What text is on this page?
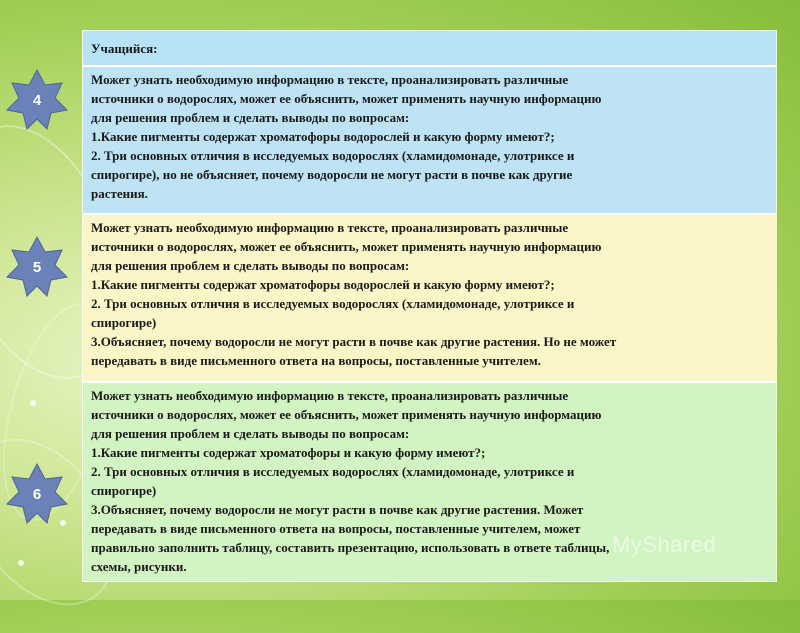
Учащийся:
Может узнать необходимую информацию в тексте, проанализировать различные
источники о водорослях, может ее объяснить, может применять научную информацию
для решения проблем и сделать выводы по вопросам:
1.Какие пигменты содержат хроматофоры водорослей и какую форму имеют?;
2. Три основных отличия в исследуемых водорослях (хламидомонаде, улотриксе и
спирогире), но не объясняет, почему водоросли не могут расти в почве как другие
растения.
Может узнать необходимую информацию в тексте, проанализировать различные
источники о водорослях, может ее объяснить, может применять научную информацию
для решения проблем и сделать выводы по вопросам:
1.Какие пигменты содержат хроматофоры водорослей и какую форму имеют?;
2. Три основных отличия в исследуемых водорослях (хламидомонаде, улотриксе и
спирогире)
3.Объясняет, почему водоросли не могут расти в почве как другие растения. Но не может
передавать в виде письменного ответа на вопросы, поставленные учителем.
Может узнать необходимую информацию в тексте, проанализировать различные
источники о водорослях, может ее объяснить, может применять научную информацию
для решения проблем и сделать выводы по вопросам:
1.Какие пигменты содержат хроматофоры и какую форму имеют?;
2. Три основных отличия в исследуемых водорослях (хламидомонаде, улотриксе и
спирогире)
3.Объясняет, почему водоросли не могут расти в почве как другие растения. Может
передавать в виде письменного ответа на вопросы, поставленные учителем, может
правильно заполнить таблицу, составить презентацию, использовать в ответе таблицы,
схемы, рисунки.
4
5
6
MyShared
